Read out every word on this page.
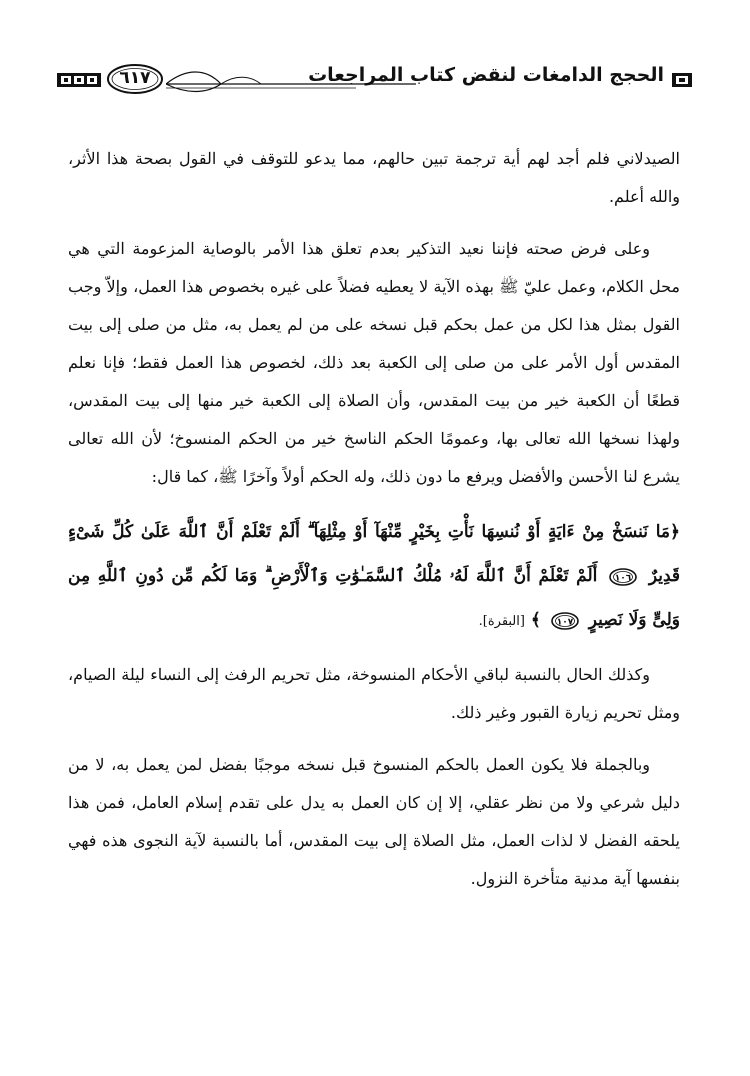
الحجج الدامغات لنقض كتاب المراجعات
٦١٧

الصيدلاني فلم أجد لهم أية ترجمة تبين حالهم، مما يدعو للتوقف في القول بصحة هذا الأثر، والله أعلم.

وعلى فرض صحته فإننا نعيد التذكير بعدم تعلق هذا الأمر بالوصاية المزعومة التي هي محل الكلام، وعمل عليّ ﷺ بهذه الآية لا يعطيه فضلاً على غيره بخصوص هذا العمل، وإلاّ وجب القول بمثل هذا لكل من عمل بحكم قبل نسخه على من لم يعمل به، مثل من صلى إلى بيت المقدس أول الأمر على من صلى إلى الكعبة بعد ذلك، لخصوص هذا العمل فقط؛ فإنا نعلم قطعًا أن الكعبة خير من بيت المقدس، وأن الصلاة إلى الكعبة خير منها إلى بيت المقدس، ولهذا نسخها الله تعالى بها، وعمومًا الحكم الناسخ خير من الحكم المنسوخ؛ لأن الله تعالى يشرع لنا الأحسن والأفضل ويرفع ما دون ذلك، وله الحكم أولاً وآخرًا ﷺ، كما قال:

﴿مَا نَنسَخْ مِنْ ءَايَةٍ أَوْ نُنسِهَا نَأْتِ بِخَيْرٍ مِّنْهَآ أَوْ مِثْلِهَآ ۗ أَلَمْ تَعْلَمْ أَنَّ ٱللَّهَ عَلَىٰ كُلِّ شَىْءٍ قَدِيرٌ
١٠٦
أَلَمْ تَعْلَمْ أَنَّ ٱللَّهَ لَهُۥ مُلْكُ ٱلسَّمَـٰوَٰتِ وَٱلْأَرْضِ ۗ وَمَا لَكُم مِّن دُونِ ٱللَّهِ مِن وَلِىٍّ وَلَا نَصِيرٍ
١٠٧
﴾ [البقرة].

وكذلك الحال بالنسبة لباقي الأحكام المنسوخة، مثل تحريم الرفث إلى النساء ليلة الصيام، ومثل تحريم زيارة القبور وغير ذلك.

وبالجملة فلا يكون العمل بالحكم المنسوخ قبل نسخه موجبًا بفضل لمن يعمل به، لا من دليل شرعي ولا من نظر عقلي، إلا إن كان العمل به يدل على تقدم إسلام العامل، فمن هذا يلحقه الفضل لا لذات العمل، مثل الصلاة إلى بيت المقدس، أما بالنسبة لآية النجوى هذه فهي بنفسها آية مدنية متأخرة النزول.
